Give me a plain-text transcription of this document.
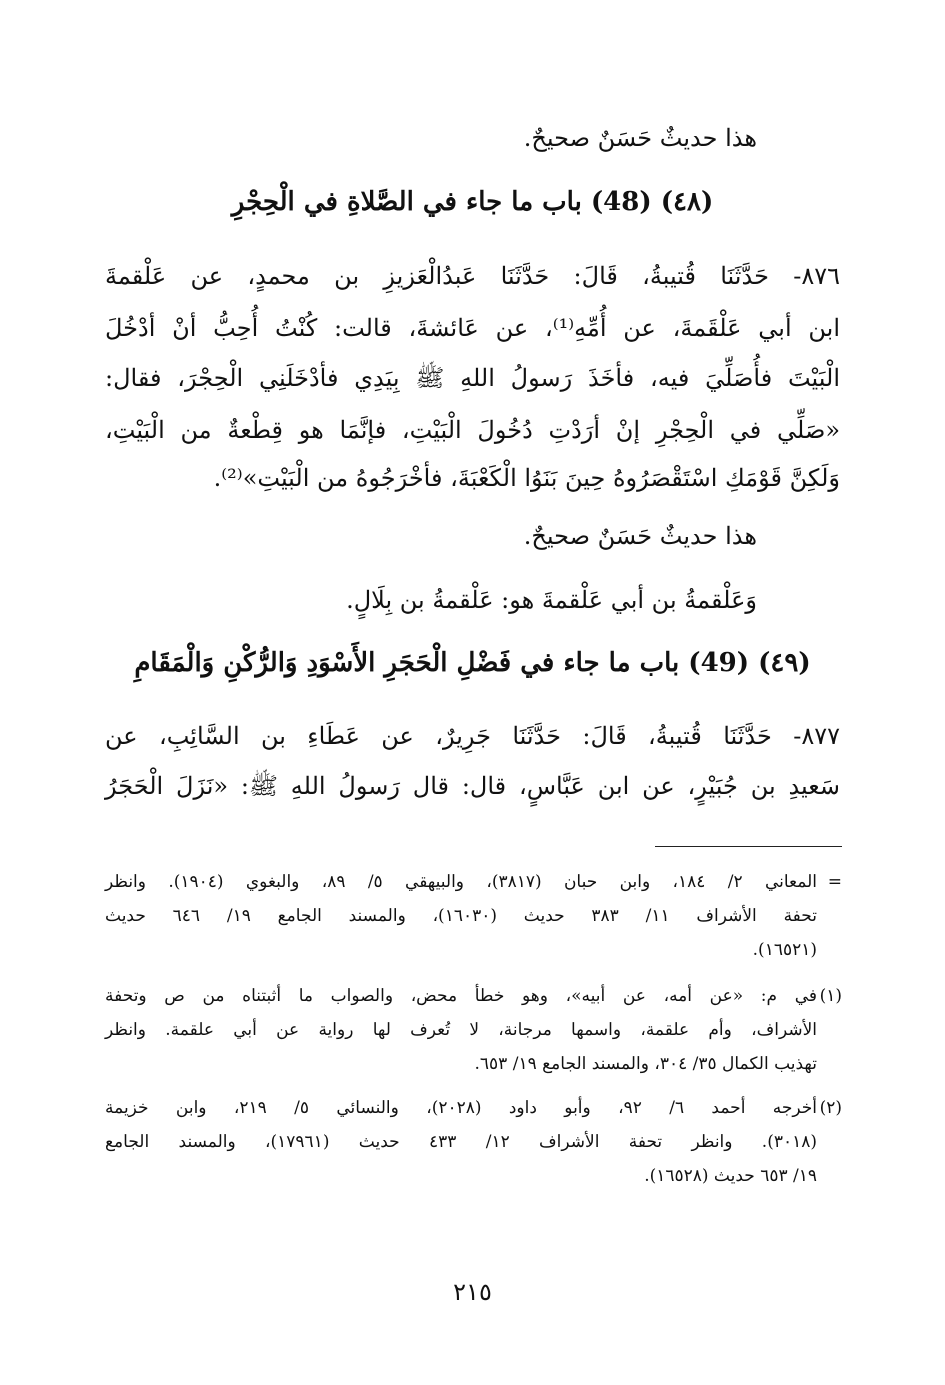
هذا حديثٌ حَسَنٌ صحيحٌ.
(٤٨) (48) باب ما جاء في الصَّلاةِ في الْحِجْرِ
٨٧٦- حَدَّثَنَا قُتيبةُ، قَالَ: حَدَّثَنَا عَبدُالْعَزيزِ بن محمدٍ، عن عَلْقمةَ
ابن أبي عَلْقَمةَ، عن أُمِّهِ⁽¹⁾، عن عَائشةَ، قالت: كُنْتُ أُحِبُّ أنْ أدْخُلَ
الْبَيْتَ فأُصَلِّيَ فيه، فأخَذَ رَسولُ اللهِ ﷺ بِيَدِي فأدْخَلَنِي الْحِجْرَ، فقال:
«صَلِّي في الْحِجْرِ إنْ أرَدْتِ دُخُولَ الْبَيْتِ، فإنَّمَا هو قِطْعةٌ من الْبَيْتِ،
وَلَكِنَّ قَوْمَكِ اسْتَقْصَرُوهُ حِينَ بَنَوُا الْكَعْبَةَ، فأخْرَجُوهُ من الْبَيْتِ»⁽²⁾.
هذا حديثٌ حَسَنٌ صحيحٌ.
وَعَلْقمةُ بن أبي عَلْقمةَ هو: عَلْقمةُ بن بِلَالٍ.
(٤٩) (49) باب ما جاء في فَضْلِ الْحَجَرِ الأَسْوَدِ وَالرُّكْنِ وَالْمَقَامِ
٨٧٧- حَدَّثَنَا قُتيبةُ، قَالَ: حَدَّثَنَا جَرِيرٌ، عن عَطَاءِ بن السَّائِبِ، عن
سَعيدِ بن جُبَيْرٍ، عن ابن عَبَّاسٍ، قال: قال رَسولُ اللهِ ﷺ: «نَزَلَ الْحَجَرُ
=
المعاني ٢/ ١٨٤، وابن حبان (٣٨١٧)، والبيهقي ٥/ ٨٩، والبغوي (١٩٠٤). وانظر
تحفة الأشراف ١١/ ٣٨٣ حديث (١٦٠٣٠)، والمسند الجامع ١٩/ ٦٤٦ حديث
(١٦٥٢١).
(١)
في م: «عن أمه، عن أبيه»، وهو خطأ محض، والصواب ما أثبتناه من ص وتحفة
الأشراف، وأم علقمة، واسمها مرجانة، لا تُعرف لها رواية عن أبي علقمة. وانظر
تهذيب الكمال ٣٥/ ٣٠٤، والمسند الجامع ١٩/ ٦٥٣.
(٢)
أخرجه أحمد ٦/ ٩٢، وأبو داود (٢٠٢٨)، والنسائي ٥/ ٢١٩، وابن خزيمة
(٣٠١٨). وانظر تحفة الأشراف ١٢/ ٤٣٣ حديث (١٧٩٦١)، والمسند الجامع
١٩/ ٦٥٣ حديث (١٦٥٢٨).
٢١٥
